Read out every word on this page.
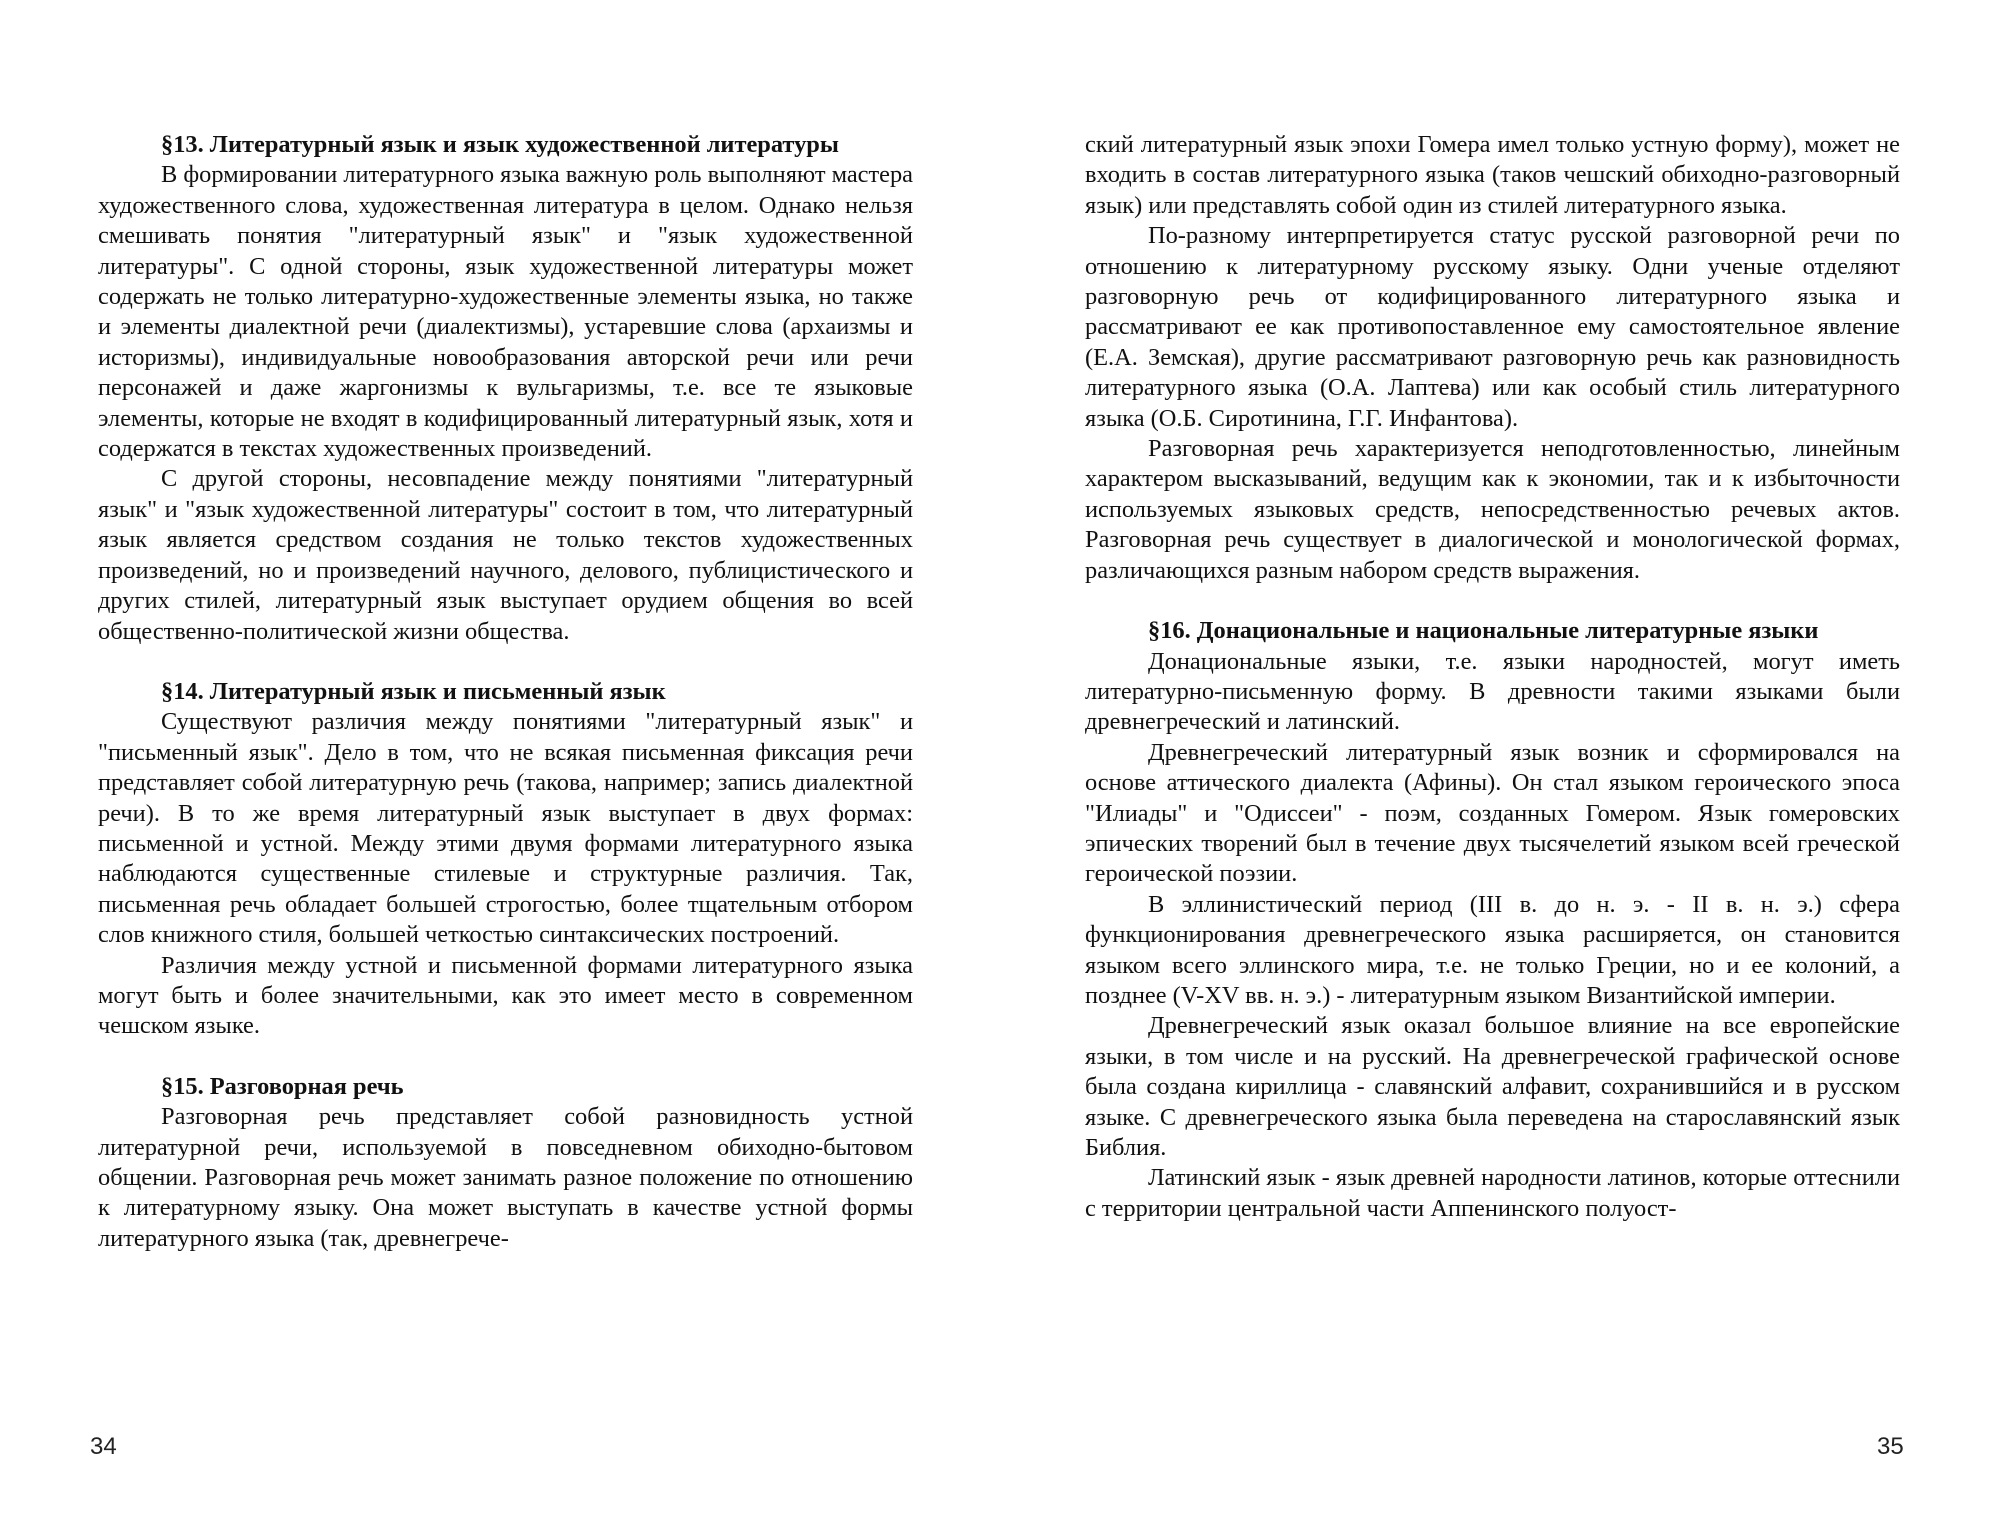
§13. Литературный язык и язык художественной литературы

В формировании литературного языка важную роль выполняют мастера художественного слова, художественная литература в целом. Однако нельзя смешивать понятия "литературный язык" и "язык художественной литературы". С одной стороны, язык художественной литературы может содержать не только литературно-художественные элементы языка, но также и элементы диалектной речи (диалектизмы), устаревшие слова (архаизмы и историзмы), индивидуальные новообразования авторской речи или речи персонажей и даже жаргонизмы к вульгаризмы, т.е. все те языковые элементы, которые не входят в кодифицированный литературный язык, хотя и содержатся в текстах художественных произведений.

С другой стороны, несовпадение между понятиями "литературный язык" и "язык художественной литературы" состоит в том, что литературный язык является средством создания не только текстов художественных произведений, но и произведений научного, делового, публицистического и других стилей, литературный язык выступает орудием общения во всей общественно-политической жизни общества.

§14. Литературный язык и письменный язык

Существуют различия между понятиями "литературный язык" и "письменный язык". Дело в том, что не всякая письменная фиксация речи представляет собой литературную речь (такова, например; запись диалектной речи). В то же время литературный язык выступает в двух формах: письменной и устной. Между этими двумя формами литературного языка наблюдаются существенные стилевые и структурные различия. Так, письменная речь обладает большей строгостью, более тщательным отбором слов книжного стиля, большей четкостью синтаксических построений.

Различия между устной и письменной формами литературного языка могут быть и более значительными, как это имеет место в современном чешском языке.

§15. Разговорная речь

Разговорная речь представляет собой разновидность устной литературной речи, используемой в повседневном обиходно-бытовом общении. Разговорная речь может занимать разное положение по отношению к литературному языку. Она может выступать в качестве устной формы литературного языка (так, древнегрече-

ский литературный язык эпохи Гомера имел только устную форму), может не входить в состав литературного языка (таков чешский обиходно-разговорный язык) или представлять собой один из стилей литературного языка.

По-разному интерпретируется статус русской разговорной речи по отношению к литературному русскому языку. Одни ученые отделяют разговорную речь от кодифицированного литературного языка и рассматривают ее как противопоставленное ему самостоятельное явление (Е.А. Земская), другие рассматривают разговорную речь как разновидность литературного языка (О.А. Лаптева) или как особый стиль литературного языка (О.Б. Сиротинина, Г.Г. Инфантова).

Разговорная речь характеризуется неподготовленностью, линейным характером высказываний, ведущим как к экономии, так и к избыточности используемых языковых средств, непосредственностью речевых актов. Разговорная речь существует в диалогической и монологической формах, различающихся разным набором средств выражения.

§16. Донациональные и национальные литературные языки

Донациональные языки, т.е. языки народностей, могут иметь литературно-письменную форму. В древности такими языками были древнегреческий и латинский.

Древнегреческий литературный язык возник и сформировался на основе аттического диалекта (Афины). Он стал языком героического эпоса "Илиады" и "Одиссеи" - поэм, созданных Гомером. Язык гомеровских эпических творений был в течение двух тысячелетий языком всей греческой героической поэзии.

В эллинистический период (III в. до н. э. - II в. н. э.) сфера функционирования древнегреческого языка расширяется, он становится языком всего эллинского мира, т.е. не только Греции, но и ее колоний, а позднее (V-XV вв. н. э.) - литературным языком Византийской империи.

Древнегреческий язык оказал большое влияние на все европейские языки, в том числе и на русский. На древнегреческой графической основе была создана кириллица - славянский алфавит, сохранившийся и в русском языке. С древнегреческого языка была переведена на старославянский язык Библия.

Латинский язык - язык древней народности латинов, которые оттеснили с территории центральной части Аппенинского полуост-

34	35
